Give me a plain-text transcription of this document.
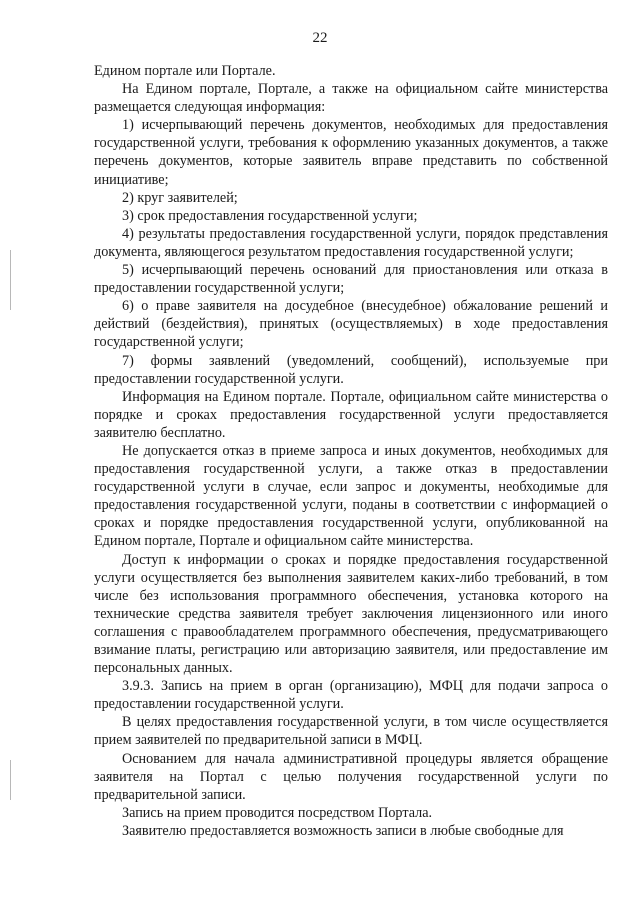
22

Едином портале или Портале.

На Едином портале, Портале, а также на официальном сайте министерства размещается следующая информация:

1) исчерпывающий перечень документов, необходимых для предоставления государственной услуги, требования к оформлению указанных документов, а также перечень документов, которые заявитель вправе представить по собственной инициативе;

2) круг заявителей;

3) срок предоставления государственной услуги;

4) результаты предоставления государственной услуги, порядок представления документа, являющегося результатом предоставления государственной услуги;

5) исчерпывающий перечень оснований для приостановления или отказа в предоставлении государственной услуги;

6) о праве заявителя на досудебное (внесудебное) обжалование решений и действий (бездействия), принятых (осуществляемых) в ходе предоставления государственной услуги;

7) формы заявлений (уведомлений, сообщений), используемые при предоставлении государственной услуги.

Информация на Едином портале. Портале, официальном сайте министерства о порядке и сроках предоставления государственной услуги предоставляется заявителю бесплатно.

Не допускается отказ в приеме запроса и иных документов, необходимых для предоставления государственной услуги, а также отказ в предоставлении государственной услуги в случае, если запрос и документы, необходимые для предоставления государственной услуги, поданы в соответствии с информацией о сроках и порядке предоставления государственной услуги, опубликованной на Едином портале, Портале и официальном сайте министерства.

Доступ к информации о сроках и порядке предоставления государственной услуги осуществляется без выполнения заявителем каких-либо требований, в том числе без использования программного обеспечения, установка которого на технические средства заявителя требует заключения лицензионного или иного соглашения с правообладателем программного обеспечения, предусматривающего взимание платы, регистрацию или авторизацию заявителя, или предоставление им персональных данных.

3.9.3. Запись на прием в орган (организацию), МФЦ для подачи запроса о предоставлении государственной услуги.

В целях предоставления государственной услуги, в том числе осуществляется прием заявителей по предварительной записи в МФЦ.

Основанием для начала административной процедуры является обращение заявителя на Портал с целью получения государственной услуги по предварительной записи.

Запись на прием проводится посредством Портала.

Заявителю предоставляется возможность записи в любые свободные для
